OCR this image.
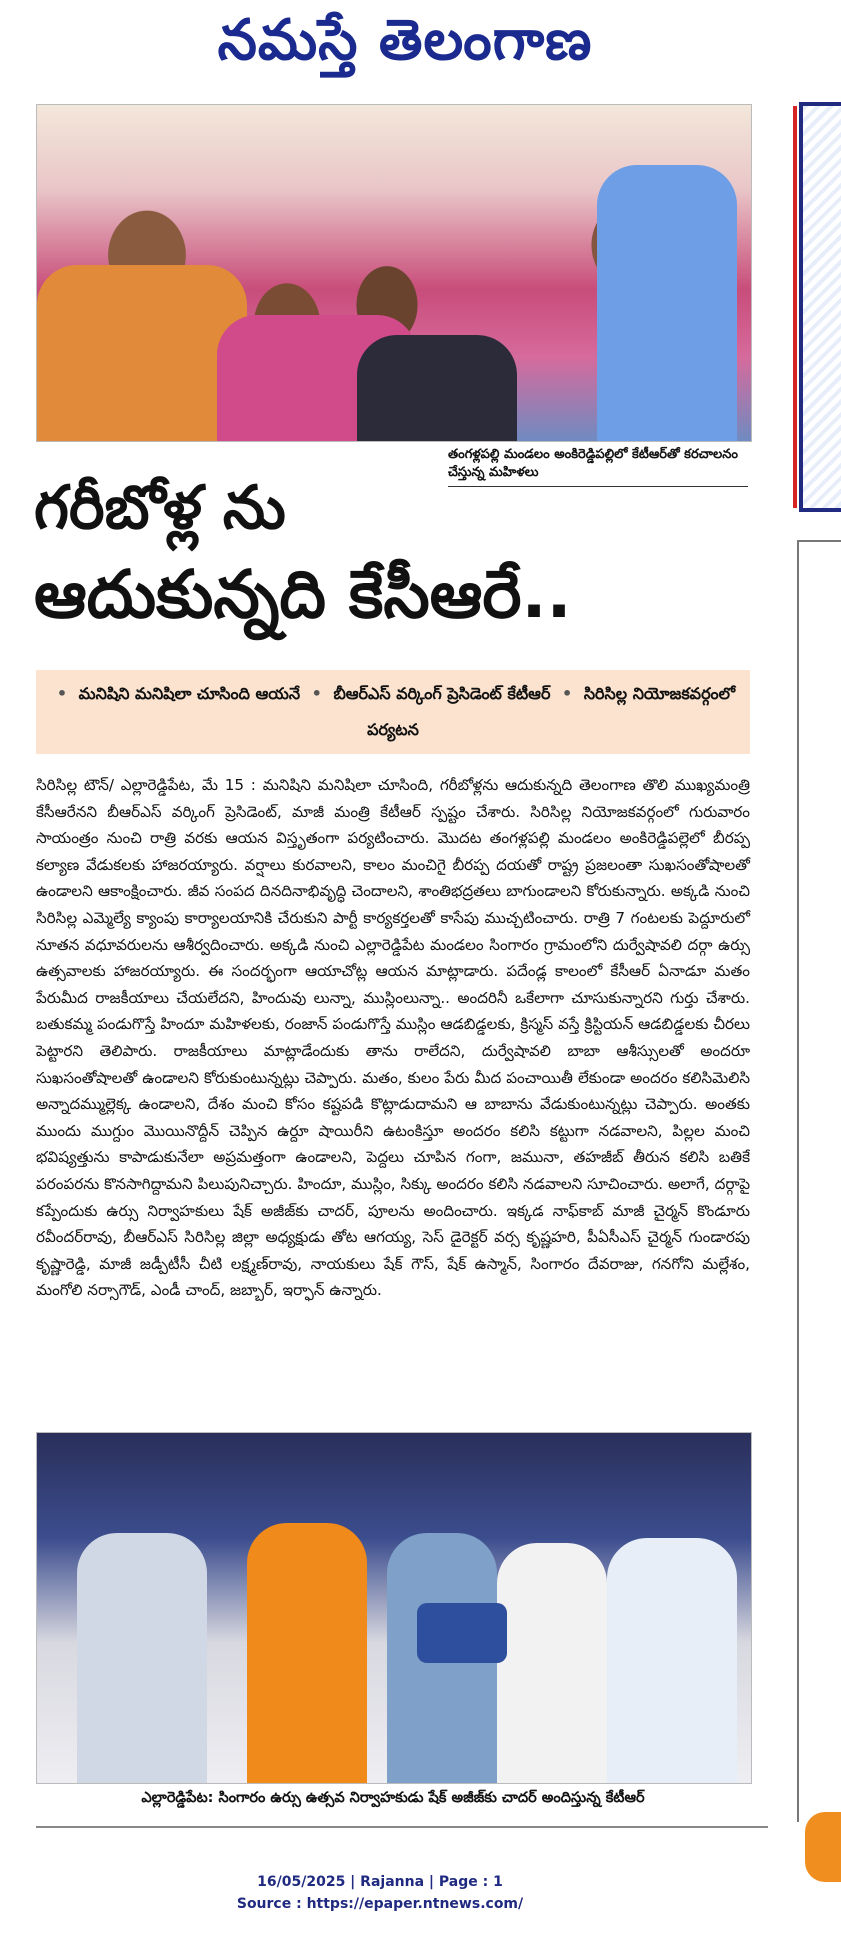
నమస్తే తెలంగాణ
తంగళ్లపల్లి మండలం అంకిరెడ్డిపల్లిలో కేటీఆర్‌తో కరచాలనం చేస్తున్న మహిళలు
గరీబోళ్ల ను
ఆదుకున్నది కేసీఆరే..
• మనిషిని మనిషిలా చూసింది ఆయనే • బీఆర్‌ఎస్ వర్కింగ్ ప్రెసిడెంట్ కేటీఆర్ • సిరిసిల్ల నియోజకవర్గంలో పర్యటన
సిరిసిల్ల టౌన్/ ఎల్లారెడ్డిపేట, మే 15 : మనిషిని మనిషిలా చూసింది, గరీబోళ్లను ఆదుకున్నది తెలంగాణ తొలి ముఖ్యమంత్రి కేసీఆరేనని బీఆర్‌ఎస్ వర్కింగ్ ప్రెసిడెంట్, మాజీ మంత్రి కేటీఆర్ స్పష్టం చేశారు. సిరిసిల్ల నియోజకవర్గంలో గురువారం సాయంత్రం నుంచి రాత్రి వరకు ఆయన విస్తృతంగా పర్యటించారు. మొదట తంగళ్లపల్లి మండలం అంకిరెడ్డిపల్లెలో బీరప్ప కల్యాణ వేడుకలకు హాజరయ్యారు. వర్షాలు కురవాలని, కాలం మంచిగై బీరప్ప దయతో రాష్ట్ర ప్రజలంతా సుఖసంతోషాలతో ఉండాలని ఆకాంక్షించారు. జీవ సంపద దినదినాభివృద్ధి చెందాలని, శాంతిభద్రతలు బాగుండాలని కోరుకున్నారు. అక్కడి నుంచి సిరిసిల్ల ఎమ్మెల్యే క్యాంపు కార్యాలయానికి చేరుకుని పార్టీ కార్యకర్తలతో కాసేపు ముచ్చటించారు. రాత్రి 7 గంటలకు పెద్దూరులో నూతన వధూవరులను ఆశీర్వదించారు. అక్కడి నుంచి ఎల్లారెడ్డిపేట మండలం సింగారం గ్రామంలోని దుర్వేషావలి దర్గా ఉర్సు ఉత్సవాలకు హాజరయ్యారు. ఈ సందర్భంగా ఆయాచోట్ల ఆయన మాట్లాడారు. పదేండ్ల కాలంలో కేసీఆర్ ఏనాడూ మతం పేరుమీద రాజకీయాలు చేయలేదని, హిందువు లున్నా, ముస్లింలున్నా.. అందరినీ ఒకేలాగా చూసుకున్నారని గుర్తు చేశారు. బతుకమ్మ పండుగొస్తే హిందూ మహిళలకు, రంజాన్ పండుగొస్తే ముస్లిం ఆడబిడ్డలకు, క్రిస్మస్ వస్తే క్రిస్టియన్ ఆడబిడ్డలకు చీరలు పెట్టారని తెలిపారు. రాజకీయాలు మాట్లాడేందుకు తాను రాలేదని, దుర్వేషావలి బాబా ఆశీస్సులతో అందరూ సుఖసంతోషాలతో ఉండాలని కోరుకుంటున్నట్లు చెప్పారు. మతం, కులం పేరు మీద పంచాయితీ లేకుండా అందరం కలిసిమెలిసి అన్నాదమ్ముల్లెక్క ఉండాలని, దేశం మంచి కోసం కష్టపడి కొట్లాడుదామని ఆ బాబాను వేడుకుంటున్నట్లు చెప్పారు. అంతకు ముందు ముగ్దుం మొయినొద్దీన్ చెప్పిన ఉర్దూ షాయిరీని ఉటంకిస్తూ అందరం కలిసి కట్టుగా నడవాలని, పిల్లల మంచి భవిష్యత్తును కాపాడుకునేలా అప్రమత్తంగా ఉండాలని, పెద్దలు చూపిన గంగా, జమునా, తహజీబ్ తీరున కలిసి బతికే పరంపరను కొనసాగిద్దామని పిలుపునిచ్చారు. హిందూ, ముస్లిం, సిక్కు అందరం కలిసి నడవాలని సూచించారు. అలాగే, దర్గాపై కప్పేందుకు ఉర్సు నిర్వాహకులు షేక్ అజీజ్‌కు చాదర్, పూలను అందించారు. ఇక్కడ నాఫ్‌కాబ్ మాజీ చైర్మన్ కొండూరు రవీందర్‌రావు, బీఆర్‌ఎస్ సిరిసిల్ల జిల్లా అధ్యక్షుడు తోట ఆగయ్య, సెస్ డైరెక్టర్ వర్స కృష్ణహరి, పీఏసీఎస్ చైర్మన్ గుండారపు కృష్ణారెడ్డి, మాజీ జడ్పీటీసీ చీటి లక్ష్మణ్‌రావు, నాయకులు షేక్ గౌస్, షేక్ ఉస్మాన్, సింగారం దేవరాజు, గనగోని మల్లేశం, మంగోలి నర్సాగౌడ్, ఎండీ చాంద్, జబ్బార్, ఇర్ఫాన్ ఉన్నారు.
ఎల్లారెడ్డిపేట: సింగారం ఉర్సు ఉత్సవ నిర్వాహకుడు షేక్ అజీజ్‌కు చాదర్ అందిస్తున్న కేటీఆర్
16/05/2025 | Rajanna | Page : 1
Source : https://epaper.ntnews.com/
